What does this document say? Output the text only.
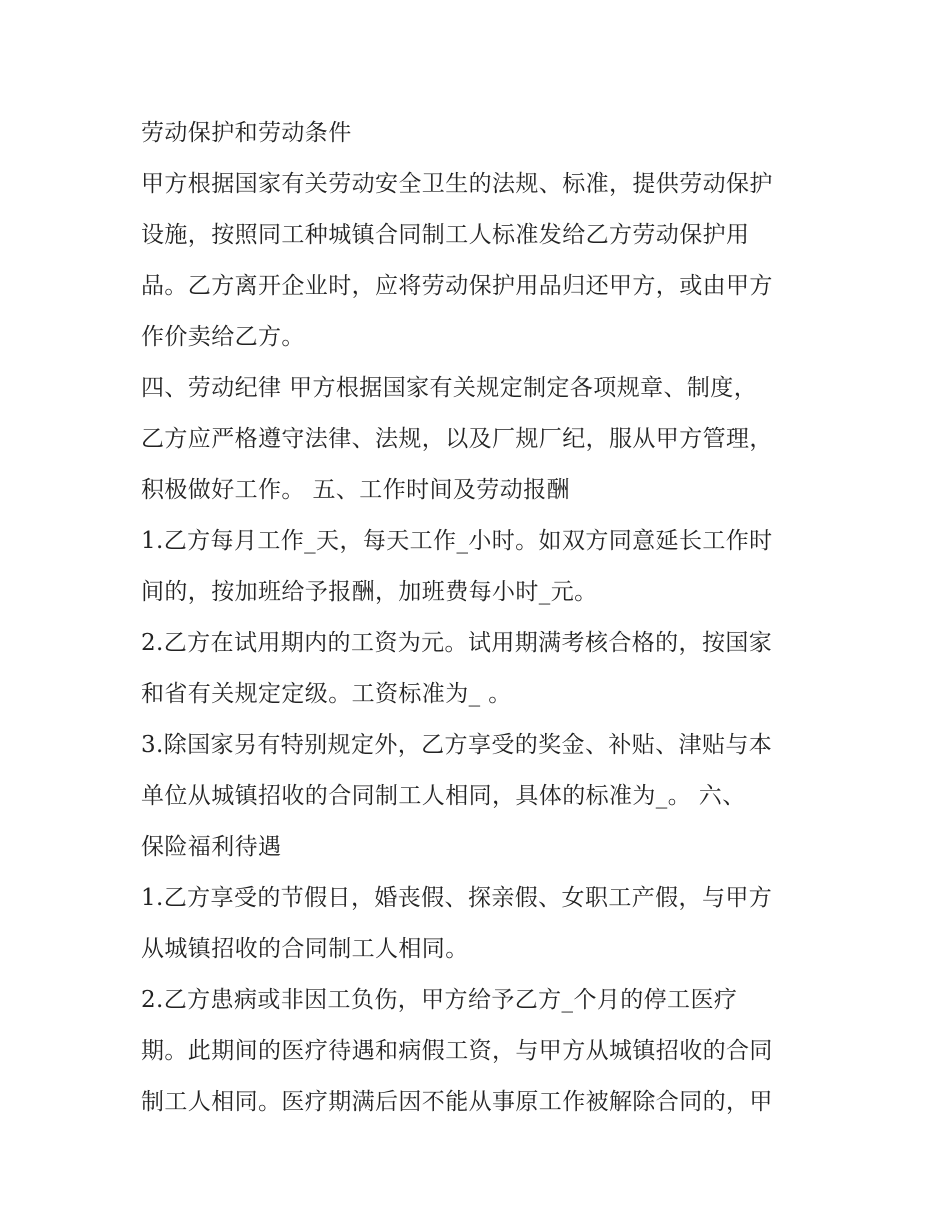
劳动保护和劳动条件
甲方根据国家有关劳动安全卫生的法规、标准，提供劳动保护
设施，按照同工种城镇合同制工人标准发给乙方劳动保护用
品。乙方离开企业时，应将劳动保护用品归还甲方，或由甲方
作价卖给乙方。
四、劳动纪律 甲方根据国家有关规定制定各项规章、制度，
乙方应严格遵守法律、法规，以及厂规厂纪，服从甲方管理，
积极做好工作。 五、工作时间及劳动报酬
1.乙方每月工作_天，每天工作_小时。如双方同意延长工作时
间的，按加班给予报酬，加班费每小时_元。
2.乙方在试用期内的工资为元。试用期满考核合格的，按国家
和省有关规定定级。工资标准为_ 。
3.除国家另有特别规定外，乙方享受的奖金、补贴、津贴与本
单位从城镇招收的合同制工人相同，具体的标准为_。 六、
保险福利待遇
1.乙方享受的节假日，婚丧假、探亲假、女职工产假，与甲方
从城镇招收的合同制工人相同。
2.乙方患病或非因工负伤，甲方给予乙方_个月的停工医疗
期。此期间的医疗待遇和病假工资，与甲方从城镇招收的合同
制工人相同。医疗期满后因不能从事原工作被解除合同的，甲
